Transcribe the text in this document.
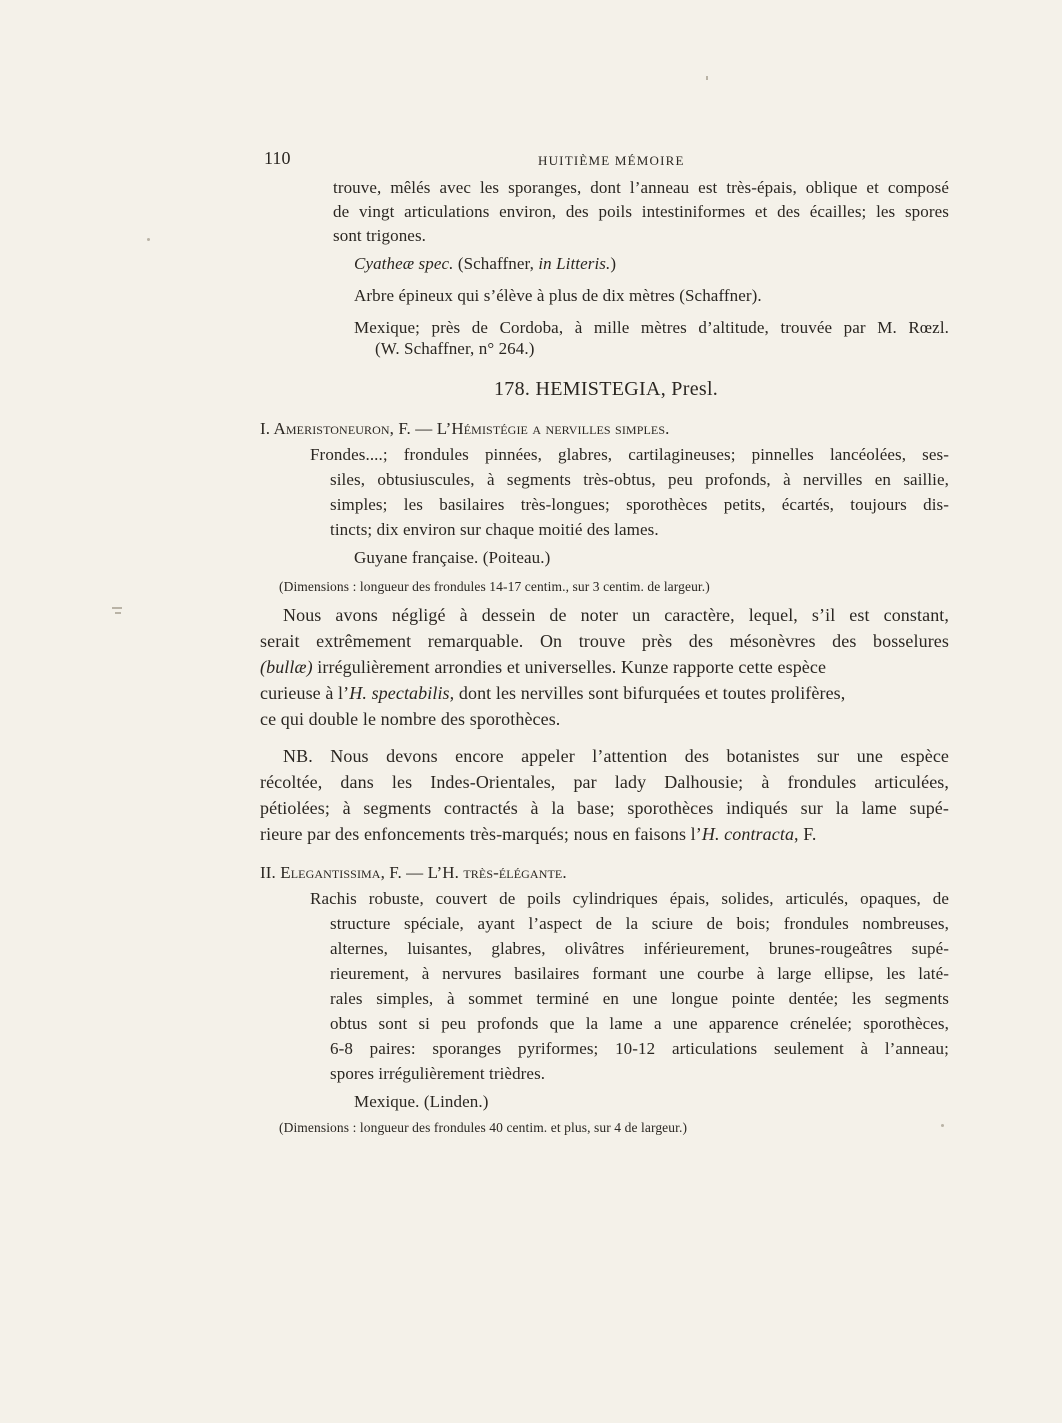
110	HUITIÈME MÉMOIRE
trouve, mêlés avec les sporanges, dont l’anneau est très-épais, oblique et composé
de vingt articulations environ, des poils intestiniformes et des écailles; les spores
sont trigones.
Cyatheæ spec. (Schaffner, in Litteris.)
Arbre épineux qui s’élève à plus de dix mètres (Schaffner).
Mexique; près de Cordoba, à mille mètres d’altitude, trouvée par M. Rœzl.
(W. Schaffner, n° 264.)
178. HEMISTEGIA, Presl.
I. Ameristoneuron, F. — L’Hémistégie a nervilles simples.
Frondes....; frondules pinnées, glabres, cartilagineuses; pinnelles lancéolées, ses-
siles, obtusiuscules, à segments très-obtus, peu profonds, à nervilles en saillie,
simples; les basilaires très-longues; sporothèces petits, écartés, toujours dis-
tincts; dix environ sur chaque moitié des lames.
Guyane française. (Poiteau.)
(Dimensions : longueur des frondules 14-17 centim., sur 3 centim. de largeur.)
Nous avons négligé à dessein de noter un caractère, lequel, s’il est constant,
serait extrêmement remarquable. On trouve près des mésonèvres des bosselures
(bullæ) irrégulièrement arrondies et universelles. Kunze rapporte cette espèce
curieuse à l’H. spectabilis, dont les nervilles sont bifurquées et toutes prolifères,
ce qui double le nombre des sporothèces.
NB. Nous devons encore appeler l’attention des botanistes sur une espèce
récoltée, dans les Indes-Orientales, par lady Dalhousie; à frondules articulées,
pétiolées; à segments contractés à la base; sporothèces indiqués sur la lame supé-
rieure par des enfoncements très-marqués; nous en faisons l’H. contracta, F.
II. Elegantissima, F. — L’H. très-élégante.
Rachis robuste, couvert de poils cylindriques épais, solides, articulés, opaques, de
structure spéciale, ayant l’aspect de la sciure de bois; frondules nombreuses,
alternes, luisantes, glabres, olivâtres inférieurement, brunes-rougeâtres supé-
rieurement, à nervures basilaires formant une courbe à large ellipse, les laté-
rales simples, à sommet terminé en une longue pointe dentée; les segments
obtus sont si peu profonds que la lame a une apparence crénelée; sporothèces,
6-8 paires: sporanges pyriformes; 10-12 articulations seulement à l’anneau;
spores irrégulièrement trièdres.
Mexique. (Linden.)
(Dimensions : longueur des frondules 40 centim. et plus, sur 4 de largeur.)
